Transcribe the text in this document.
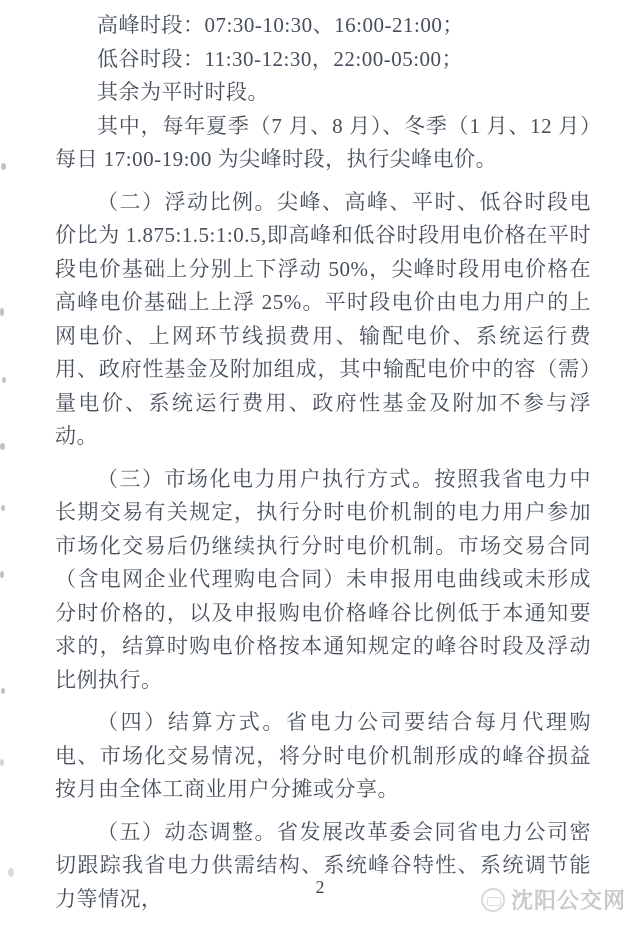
高峰时段：07:30-10:30、16:00-21:00；

低谷时段：11:30-12:30，22:00-05:00；

其余为平时时段。

其中，每年夏季（7 月、8 月）、冬季（1 月、12 月）每日 17:00-19:00 为尖峰时段，执行尖峰电价。

（二）浮动比例。尖峰、高峰、平时、低谷时段电价比为 1.875:1.5:1:0.5,即高峰和低谷时段用电价格在平时段电价基础上分别上下浮动 50%，尖峰时段用电价格在高峰电价基础上上浮 25%。平时段电价由电力用户的上网电价、上网环节线损费用、输配电价、系统运行费用、政府性基金及附加组成，其中输配电价中的容（需）量电价、系统运行费用、政府性基金及附加不参与浮动。

（三）市场化电力用户执行方式。按照我省电力中长期交易有关规定，执行分时电价机制的电力用户参加市场化交易后仍继续执行分时电价机制。市场交易合同（含电网企业代理购电合同）未申报用电曲线或未形成分时价格的，以及申报购电价格峰谷比例低于本通知要求的，结算时购电价格按本通知规定的峰谷时段及浮动比例执行。

（四）结算方式。省电力公司要结合每月代理购电、市场化交易情况，将分时电价机制形成的峰谷损益按月由全体工商业用户分摊或分享。

（五）动态调整。省发展改革委会同省电力公司密切跟踪我省电力供需结构、系统峰谷特性、系统调节能力等情况，	2
沈阳公交网
